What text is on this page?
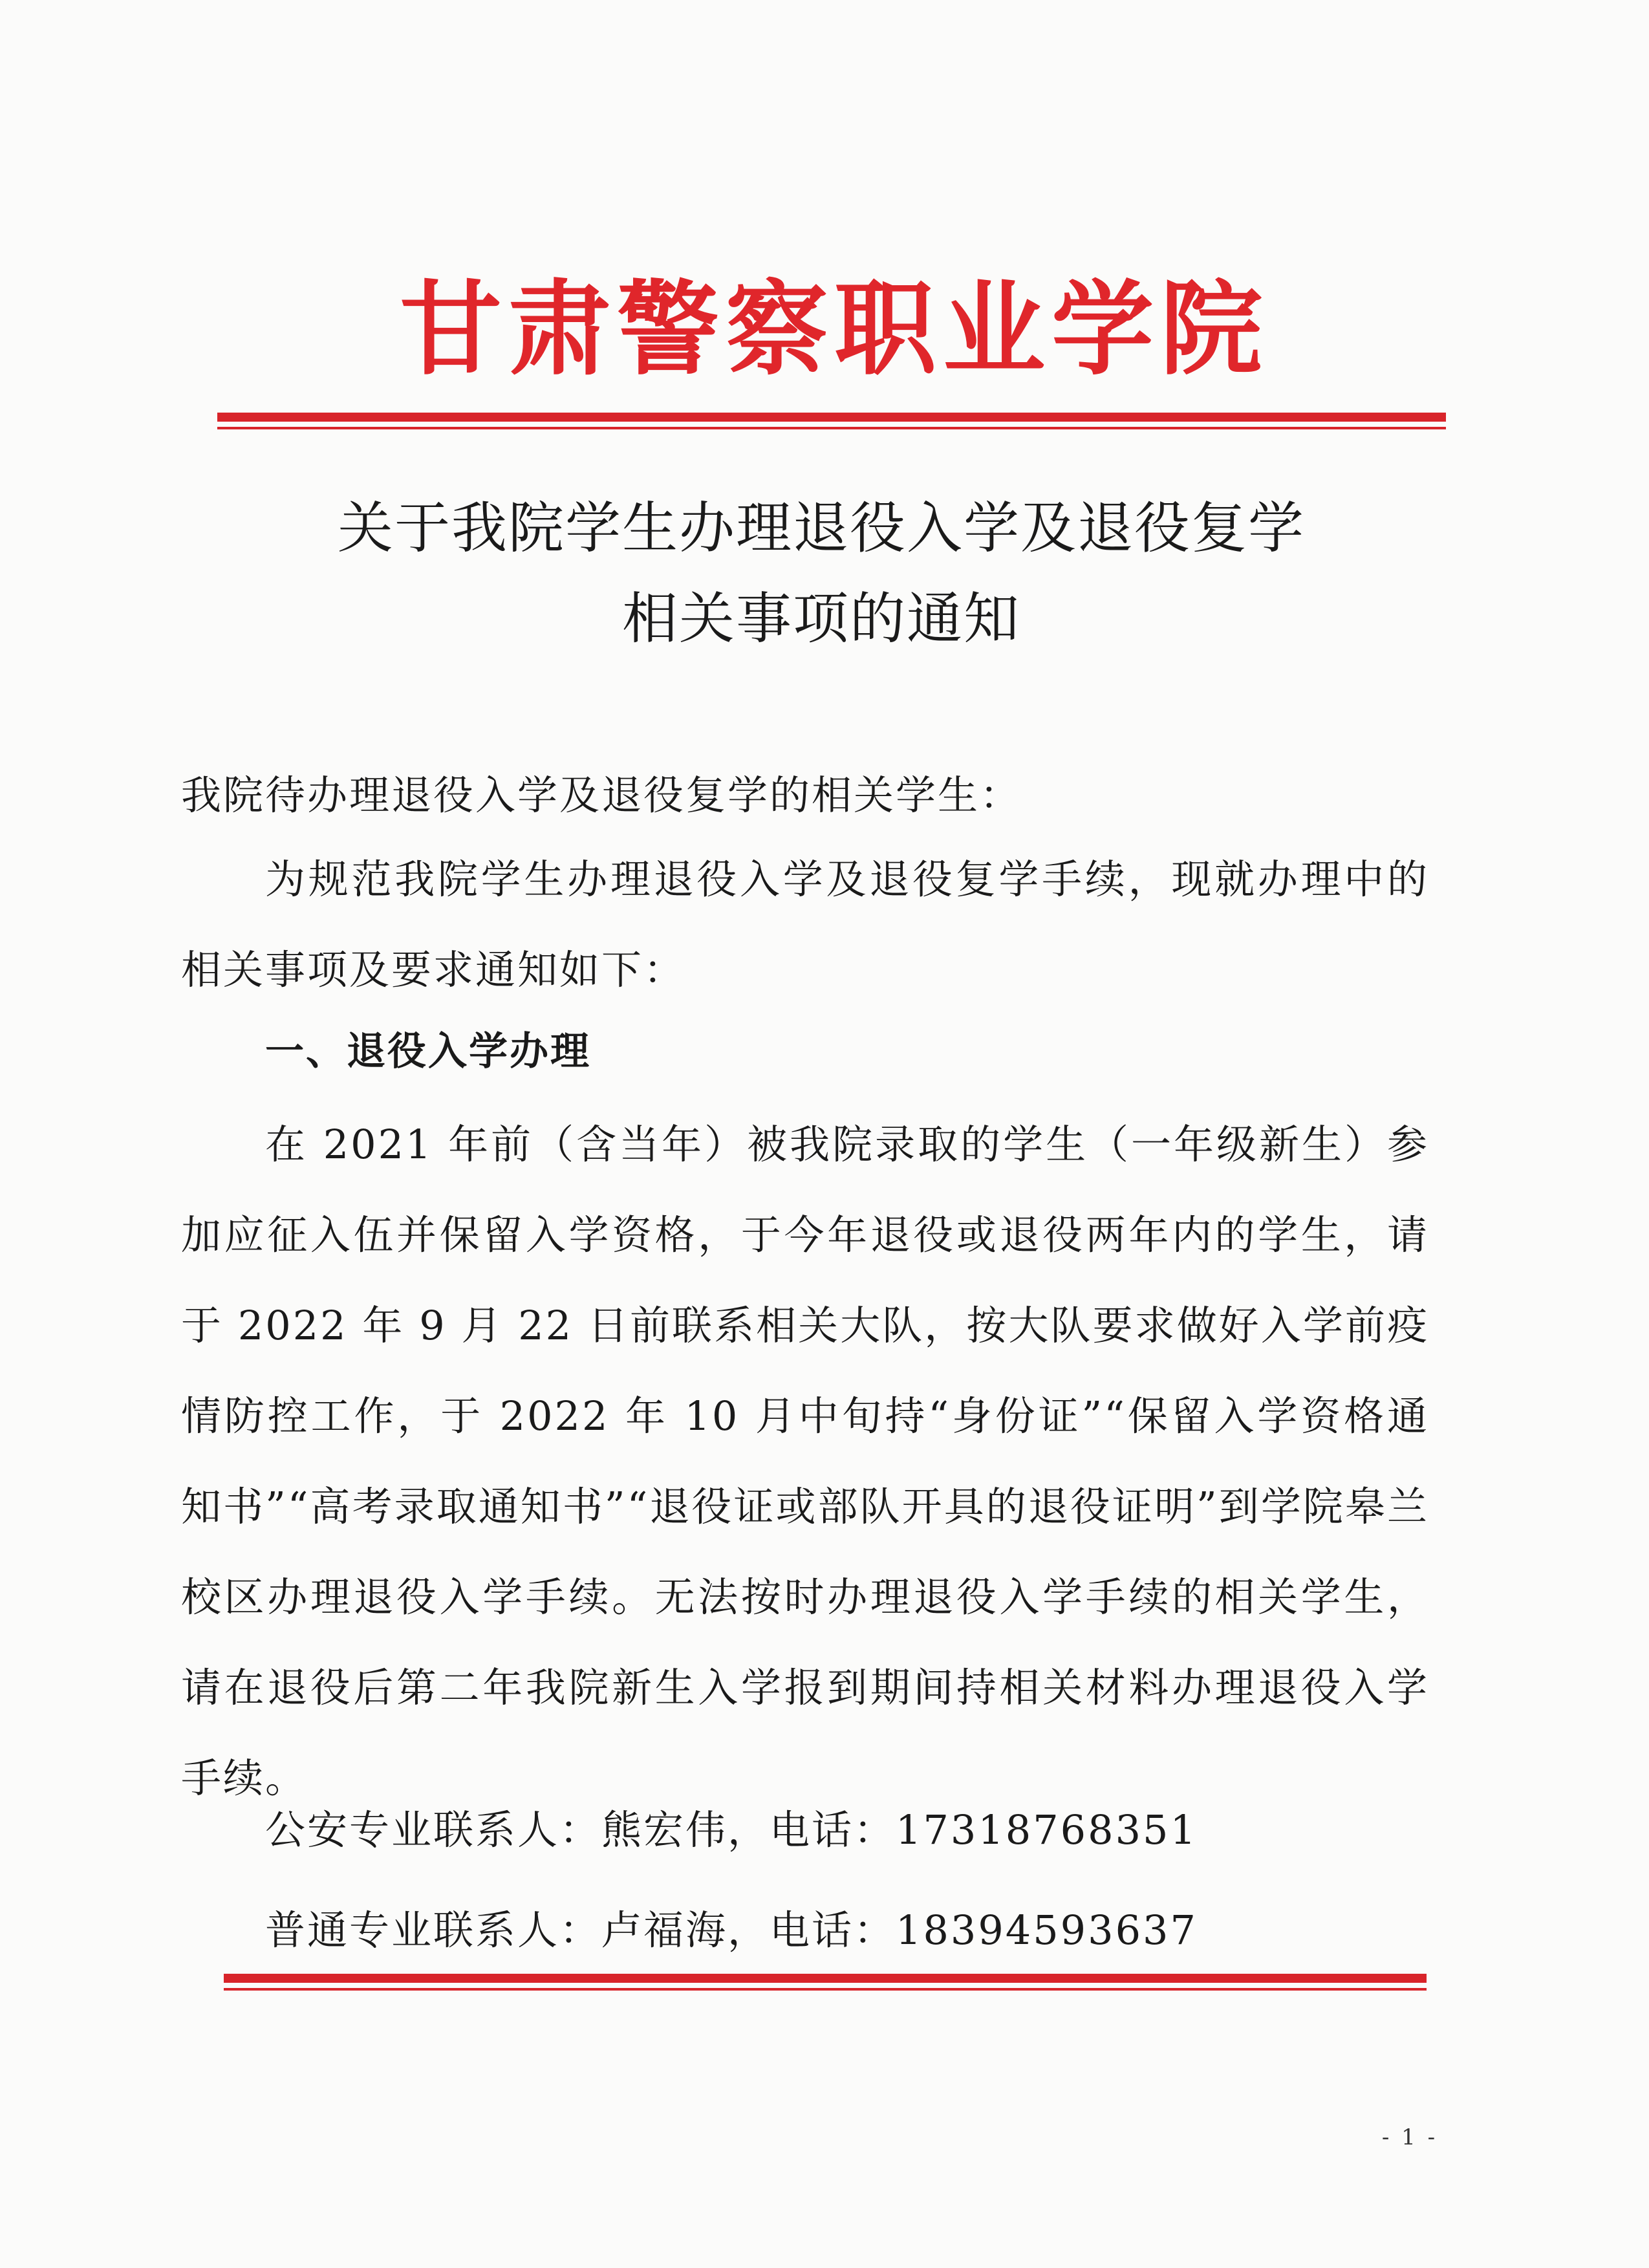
甘肃警察职业学院
关于我院学生办理退役入学及退役复学
相关事项的通知
我院待办理退役入学及退役复学的相关学生：
为规范我院学生办理退役入学及退役复学手续，现就办理中的相关事项及要求通知如下：
一、退役入学办理
在 2021 年前（含当年）被我院录取的学生（一年级新生）参加应征入伍并保留入学资格，于今年退役或退役两年内的学生，请于 2022 年 9 月 22 日前联系相关大队，按大队要求做好入学前疫情防控工作，于 2022 年 10 月中旬持“身份证”“保留入学资格通知书”“高考录取通知书”“退役证或部队开具的退役证明”到学院皋兰校区办理退役入学手续。无法按时办理退役入学手续的相关学生，请在退役后第二年我院新生入学报到期间持相关材料办理退役入学手续。
公安专业联系人：熊宏伟，电话：17318768351
普通专业联系人：卢福海，电话：18394593637
- 1 -
